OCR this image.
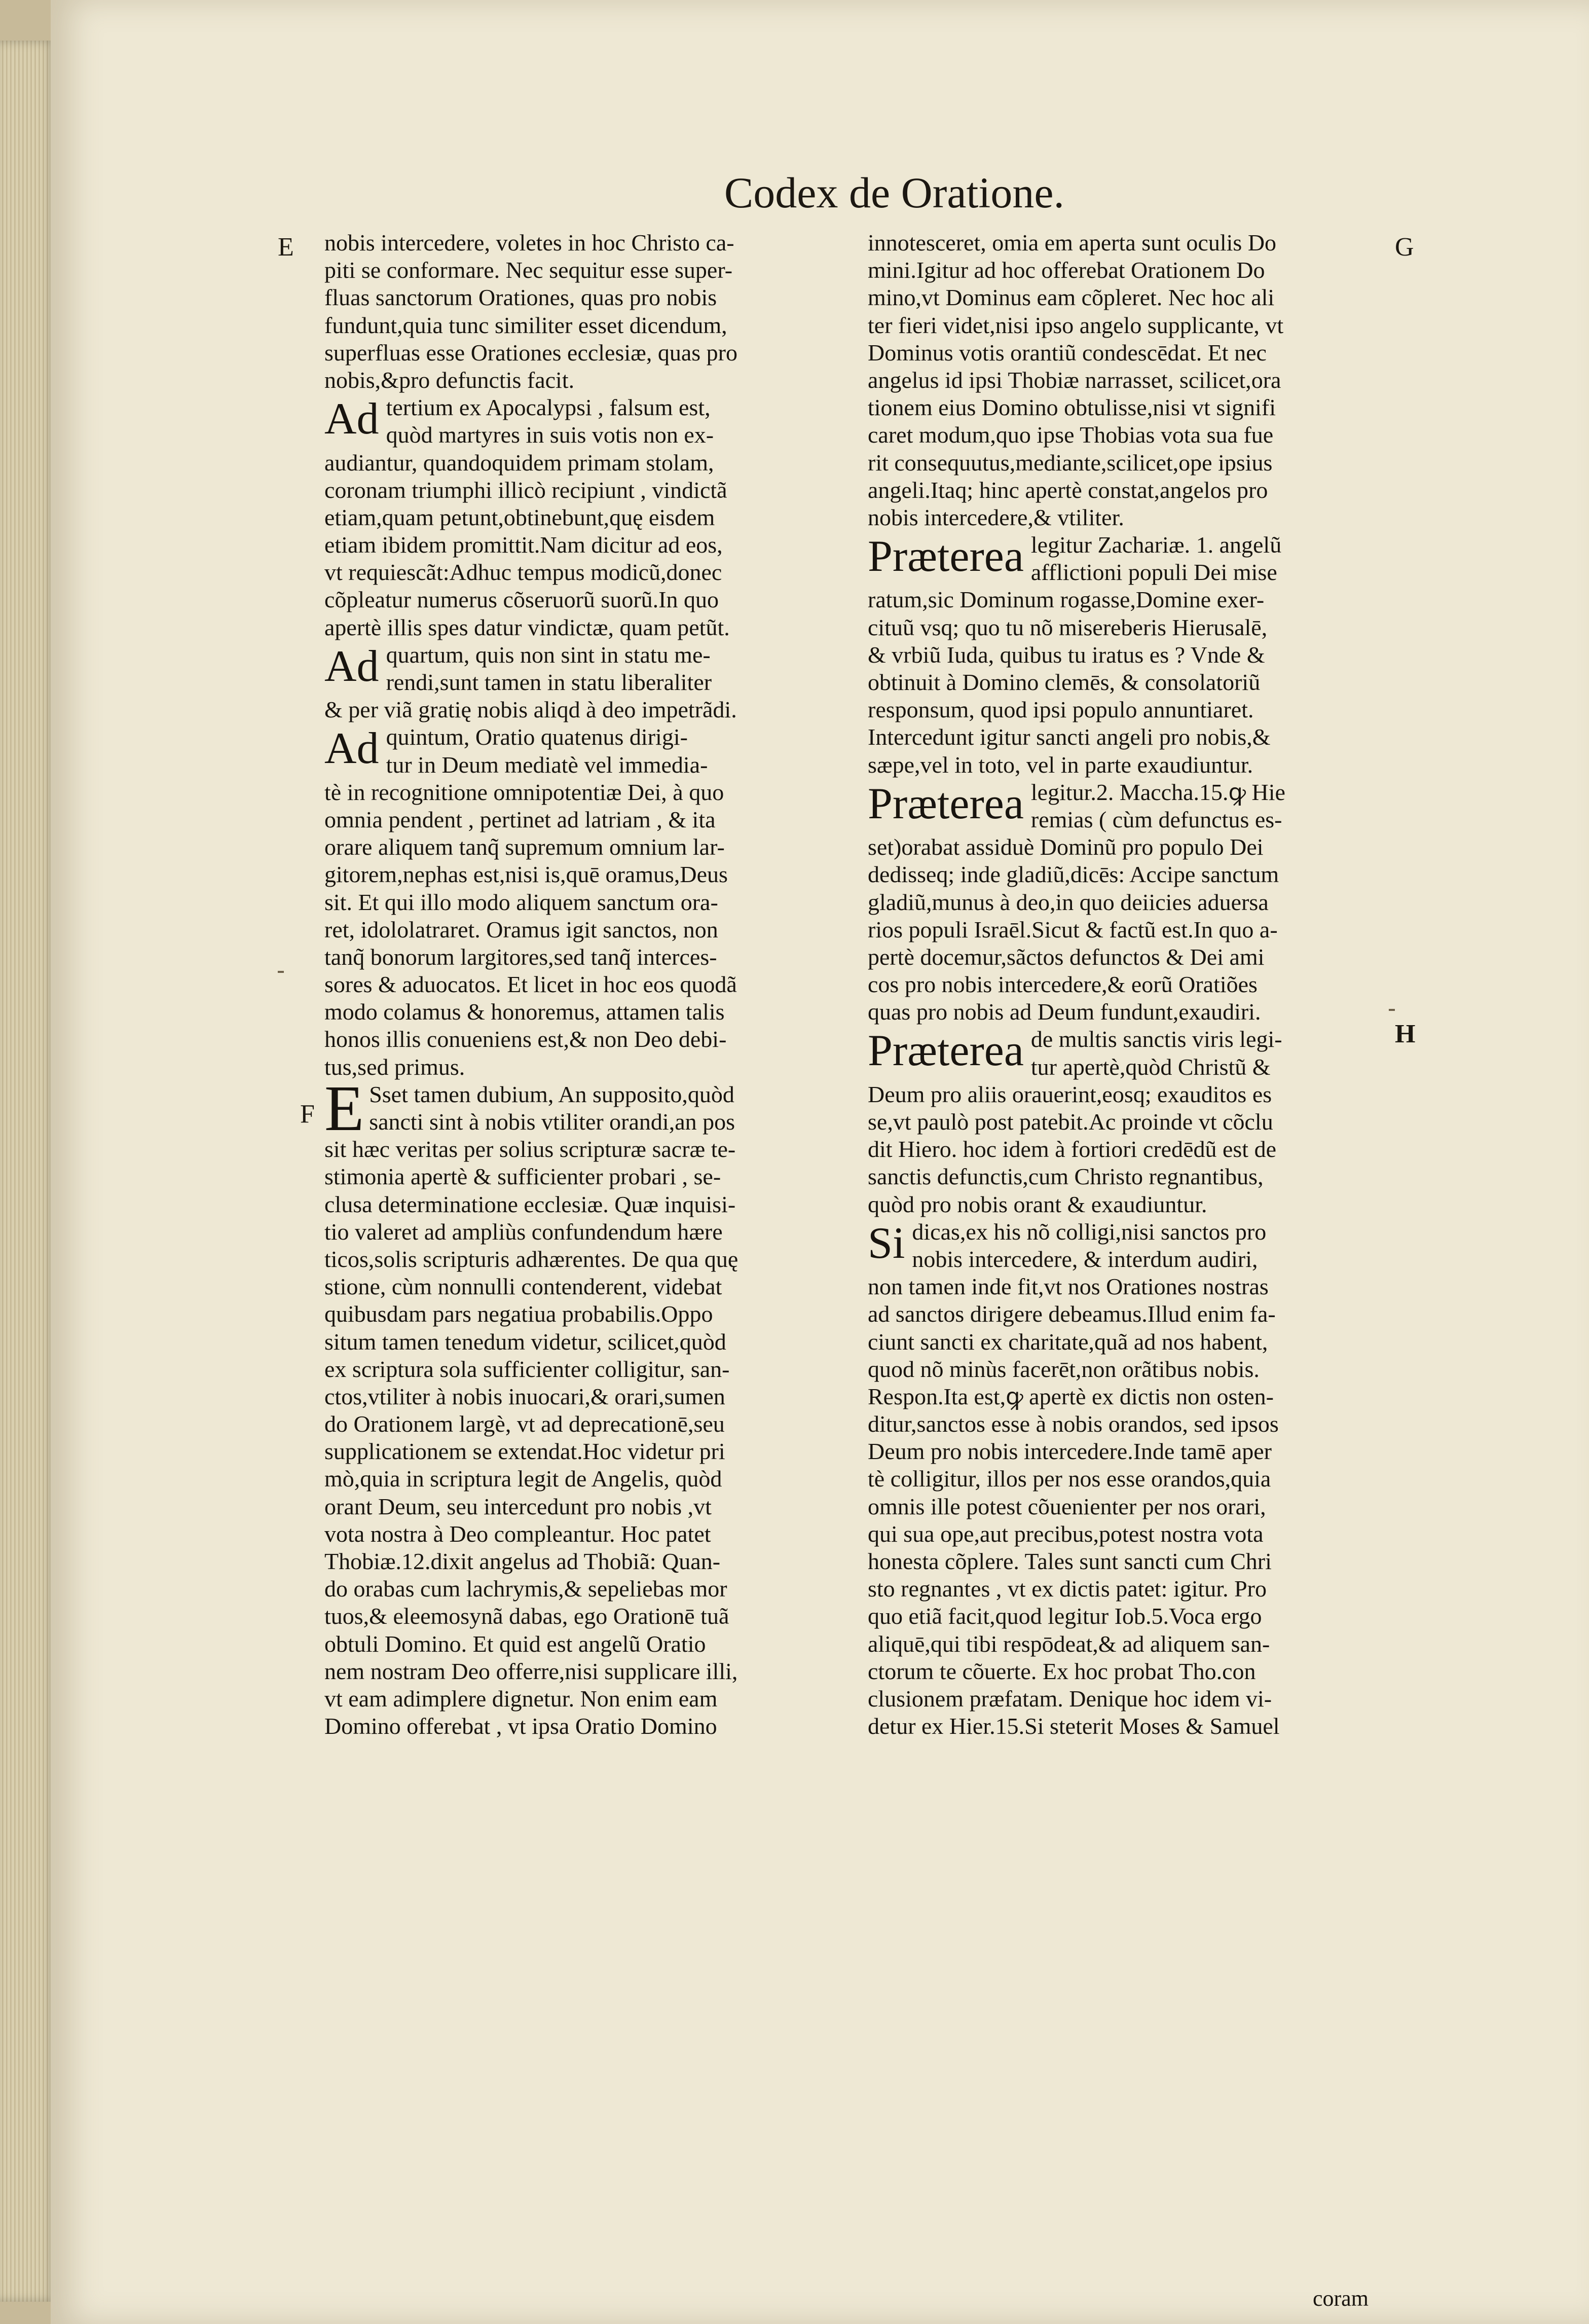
Codex de Oratione.
E
F
G
H
nobis intercedere, voletes in hoc Christo ca-
piti se conformare. Nec sequitur esse super-
fluas sanctorum Orationes, quas pro nobis
fundunt,quia tunc similiter esset dicendum,
superfluas esse Orationes ecclesiæ, quas pro
nobis,&pro defunctis facit.
Ad tertium ex Apocalypsi , falsum est,
quòd martyres in suis votis non ex-
audiantur, quandoquidem primam stolam,
coronam triumphi illicò recipiunt , vindictã
etiam,quam petunt,obtinebunt,quę eisdem
etiam ibidem promittit.Nam dicitur ad eos,
vt requiescãt:Adhuc tempus modicũ,donec
cõpleatur numerus cõseruorũ suorũ.In quo
apertè illis spes datur vindictæ, quam petũt.
Ad quartum, quis non sint in statu me-
rendi,sunt tamen in statu liberaliter
& per viã gratię nobis aliqd à deo impetrãdi.
Ad quintum, Oratio quatenus dirigi-
tur in Deum mediatè vel immedia-
tè in recognitione omnipotentiæ Dei, à quo
omnia pendent , pertinet ad latriam , & ita
orare aliquem tanq̃ supremum omnium lar-
gitorem,nephas est,nisi is,quē oramus,Deus
sit. Et qui illo modo aliquem sanctum ora-
ret, idololatraret. Oramus igit sanctos, non
tanq̃ bonorum largitores,sed tanq̃ interces-
sores & aduocatos. Et licet in hoc eos quodã
modo colamus & honoremus, attamen talis
honos illis conueniens est,& non Deo debi-
tus,sed primus.
E Sset tamen dubium, An supposito,quòd
sancti sint à nobis vtiliter orandi,an pos
sit hæc veritas per solius scripturæ sacræ te-
stimonia apertè & sufficienter probari , se-
clusa determinatione ecclesiæ. Quæ inquisi-
tio valeret ad ampliùs confundendum hære
ticos,solis scripturis adhærentes. De qua quę
stione, cùm nonnulli contenderent, videbat
quibusdam pars negatiua probabilis.Oppo
situm tamen tenedum videtur, scilicet,quòd
ex scriptura sola sufficienter colligitur, san-
ctos,vtiliter à nobis inuocari,& orari,sumen
do Orationem largè, vt ad deprecationē,seu
supplicationem se extendat.Hoc videtur pri
mò,quia in scriptura legit de Angelis, quòd
orant Deum, seu intercedunt pro nobis ,vt
vota nostra à Deo compleantur. Hoc patet
Thobiæ.12.dixit angelus ad Thobiã: Quan-
do orabas cum lachrymis,& sepeliebas mor
tuos,& eleemosynã dabas, ego Orationē tuã
obtuli Domino. Et quid est angelũ Oratio
nem nostram Deo offerre,nisi supplicare illi,
vt eam adimplere dignetur. Non enim eam
Domino offerebat , vt ipsa Oratio Domino
innotesceret, omia em aperta sunt oculis Do
mini.Igitur ad hoc offerebat Orationem Do
mino,vt Dominus eam cõpleret. Nec hoc ali
ter fieri videt,nisi ipso angelo supplicante, vt
Dominus votis orantiũ condescēdat. Et nec
angelus id ipsi Thobiæ narrasset, scilicet,ora
tionem eius Domino obtulisse,nisi vt signifi
caret modum,quo ipse Thobias vota sua fue
rit consequutus,mediante,scilicet,ope ipsius
angeli.Itaq; hinc apertè constat,angelos pro
nobis intercedere,& vtiliter.
Præterea legitur Zachariæ. 1. angelũ
afflictioni populi Dei mise
ratum,sic Dominum rogasse,Domine exer-
cituũ vsq; quo tu nõ misereberis Hierusalē,
& vrbiũ Iuda, quibus tu iratus es ? Vnde &
obtinuit à Domino clemēs, & consolatoriũ
responsum, quod ipsi populo annuntiaret.
Intercedunt igitur sancti angeli pro nobis,&
sæpe,vel in toto, vel in parte exaudiuntur.
Præterea legitur.2. Maccha.15.ꝙ Hie
remias ( cùm defunctus es-
set)orabat assiduè Dominũ pro populo Dei
dedisseq; inde gladiũ,dicēs: Accipe sanctum
gladiũ,munus à deo,in quo deiicies aduersa
rios populi Israēl.Sicut & factũ est.In quo a-
pertè docemur,sãctos defunctos & Dei ami
cos pro nobis intercedere,& eorũ Oratiões
quas pro nobis ad Deum fundunt,exaudiri.
Præterea de multis sanctis viris legi-
tur apertè,quòd Christũ &
Deum pro aliis orauerint,eosq; exauditos es
se,vt paulò post patebit.Ac proinde vt cõclu
dit Hiero. hoc idem à fortiori credēdũ est de
sanctis defunctis,cum Christo regnantibus,
quòd pro nobis orant & exaudiuntur.
Si dicas,ex his nõ colligi,nisi sanctos pro
nobis intercedere, & interdum audiri,
non tamen inde fit,vt nos Orationes nostras
ad sanctos dirigere debeamus.Illud enim fa-
ciunt sancti ex charitate,quã ad nos habent,
quod nõ minùs facerēt,non orãtibus nobis.
Respon.Ita est,ꝙ apertè ex dictis non osten-
ditur,sanctos esse à nobis orandos, sed ipsos
Deum pro nobis intercedere.Inde tamē aper
tè colligitur, illos per nos esse orandos,quia
omnis ille potest cõuenienter per nos orari,
qui sua ope,aut precibus,potest nostra vota
honesta cõplere. Tales sunt sancti cum Chri
sto regnantes , vt ex dictis patet: igitur. Pro
quo etiã facit,quod legitur Iob.5.Voca ergo
aliquē,qui tibi respōdeat,& ad aliquem san-
ctorum te cõuerte. Ex hoc probat Tho.con
clusionem præfatam. Denique hoc idem vi-
detur ex Hier.15.Si steterit Moses & Samuel
coram
